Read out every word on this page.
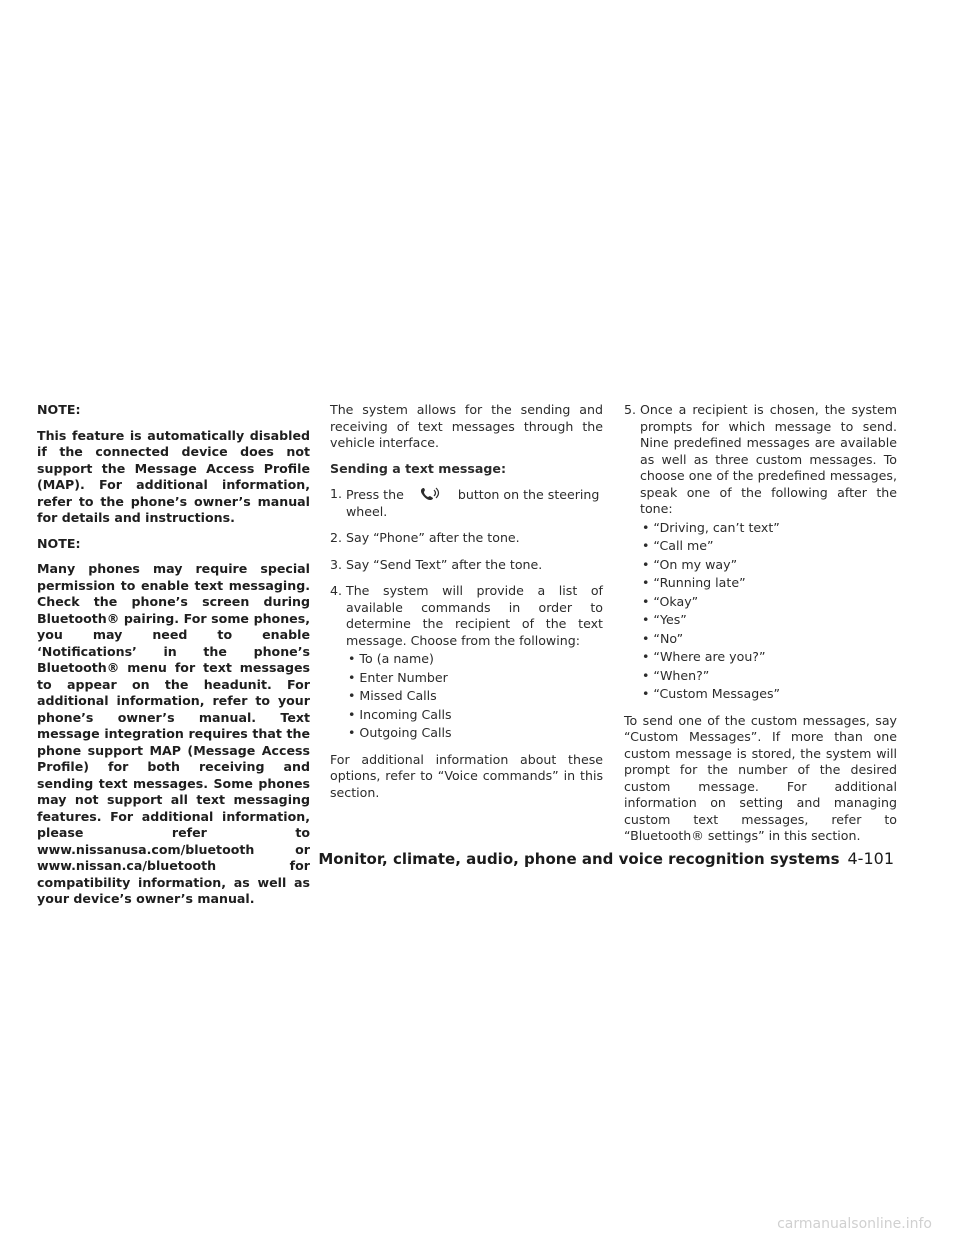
NOTE:

This feature is automatically disabled if the connected device does not support the Message Access Profile (MAP). For additional information, refer to the phone’s owner’s manual for details and instructions.

NOTE:

Many phones may require special permission to enable text messaging. Check the phone’s screen during Bluetooth® pairing. For some phones, you may need to enable ‘Notifications’ in the phone’s Bluetooth® menu for text messages to appear on the headunit. For additional information, refer to your phone’s owner’s manual. Text message integration requires that the phone support MAP (Message Access Profile) for both receiving and sending text messages. Some phones may not support all text messaging features. For additional information, please refer to www.nissanusa.com/bluetooth or www.nissan.ca/bluetooth for compatibility information, as well as your device’s owner’s manual.

The system allows for the sending and receiving of text messages through the vehicle interface.

Sending a text message:
1. Press the	button on the steering wheel.
2. Say “Phone” after the tone.
3. Say “Send Text” after the tone.
4. The system will provide a list of available commands in order to determine the recipient of the text message. Choose from the following:
• To (a name)
• Enter Number
• Missed Calls
• Incoming Calls
• Outgoing Calls

For additional information about these options, refer to “Voice commands” in this section.

5. Once a recipient is chosen, the system prompts for which message to send. Nine predefined messages are available as well as three custom messages. To choose one of the predefined messages, speak one of the following after the tone:
• “Driving, can’t text”
• “Call me”
• “On my way”
• “Running late”
• “Okay”
• “Yes”
• “No”
• “Where are you?”
• “When?”
• “Custom Messages”

To send one of the custom messages, say “Custom Messages”. If more than one custom message is stored, the system will prompt for the number of the desired custom message. For additional information on setting and managing custom text messages, refer to “Bluetooth® settings” in this section.

Monitor, climate, audio, phone and voice recognition systems 4-101
carmanualsonline.info
